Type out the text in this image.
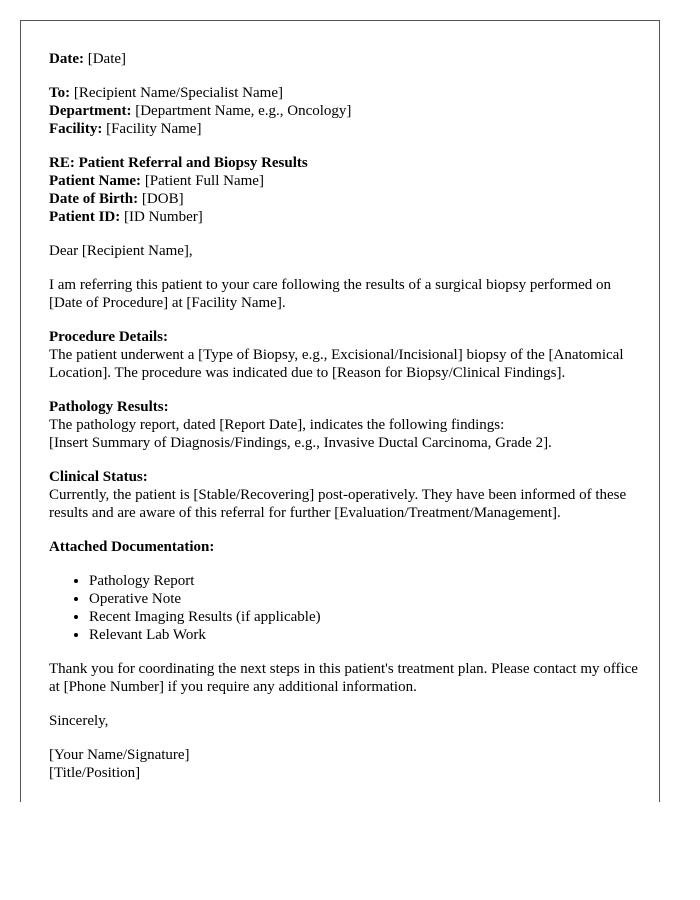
Date: [Date]
To: [Recipient Name/Specialist Name]
Department: [Department Name, e.g., Oncology]
Facility: [Facility Name]
RE: Patient Referral and Biopsy Results
Patient Name: [Patient Full Name]
Date of Birth: [DOB]
Patient ID: [ID Number]
Dear [Recipient Name],
I am referring this patient to your care following the results of a surgical biopsy performed on [Date of Procedure] at [Facility Name].
Procedure Details:
The patient underwent a [Type of Biopsy, e.g., Excisional/Incisional] biopsy of the [Anatomical Location]. The procedure was indicated due to [Reason for Biopsy/Clinical Findings].
Pathology Results:
The pathology report, dated [Report Date], indicates the following findings:
[Insert Summary of Diagnosis/Findings, e.g., Invasive Ductal Carcinoma, Grade 2].
Clinical Status:
Currently, the patient is [Stable/Recovering] post-operatively. They have been informed of these results and are aware of this referral for further [Evaluation/Treatment/Management].
Attached Documentation:
• Pathology Report
• Operative Note
• Recent Imaging Results (if applicable)
• Relevant Lab Work
Thank you for coordinating the next steps in this patient's treatment plan. Please contact my office at [Phone Number] if you require any additional information.
Sincerely,
[Your Name/Signature]
[Title/Position]
